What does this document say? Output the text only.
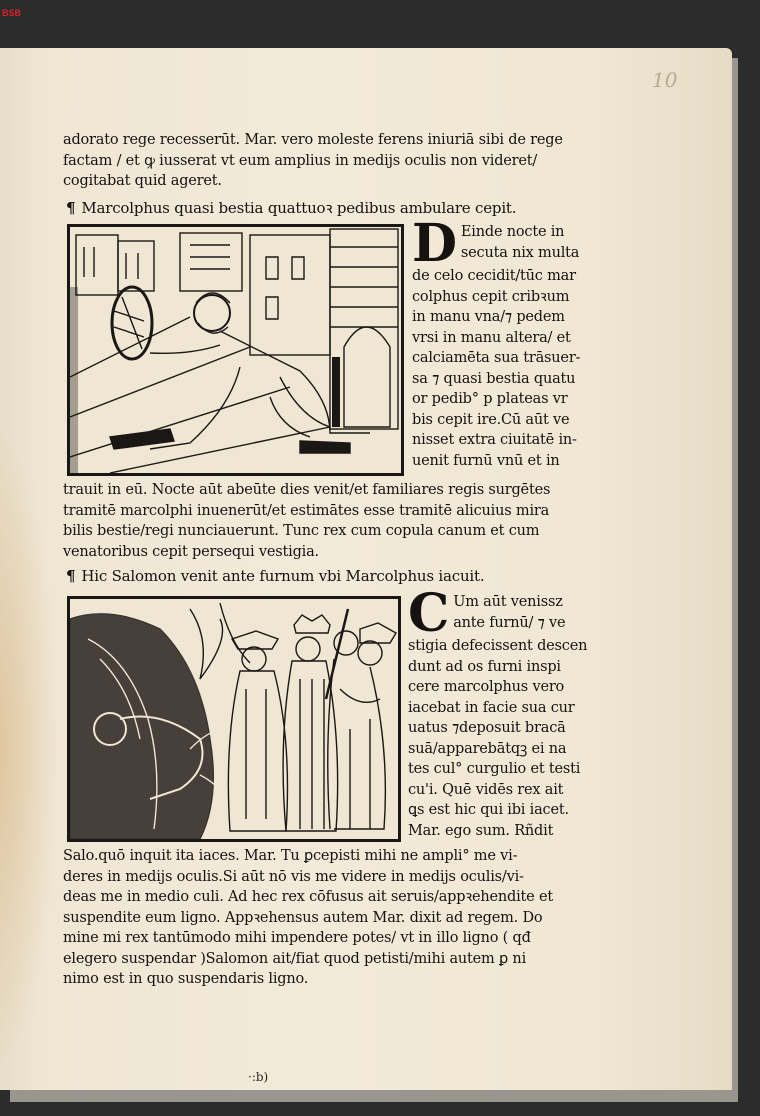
BSB
10
adorato rege recesserūt. Mar. vero moleste ferens iniuriā sibi de rege
factam / et ꝙ iusserat vt eum amplius in medijs oculis non videret/
cogitabat quid ageret.
¶ Marcolphus quasi bestia quattuoꝛ pedibus ambulare cepit.
D Einde nocte in
secuta nix multa
de celo cecidit/tūc mar
colphus cepit cribꝛum
in manu vna/⁊ pedem
vrsi in manu altera/ et
calciamēta sua trāsuer-
sa ⁊ quasi bestia quatu
or pedib° p plateas vr
bis cepit ire.Cū aūt ve
nisset extra ciuitatē in-
uenit furnū vnū et in
trauit in eū. Nocte aūt abeūte dies venit/et familiares regis surgētes
tramitē marcolphi inuenerūt/et estimātes esse tramitē alicuius mira
bilis bestie/regi nunciauerunt. Tunc rex cum copula canum et cum
venatoribus cepit persequi vestigia.
¶ Hic Salomon venit ante furnum vbi Marcolphus iacuit.
C Um aūt venissz
ante furnū/ ⁊ ve
stigia defecissent descen
dunt ad os furni inspi
cere marcolphus vero
iacebat in facie sua cur
uatus ⁊deposuit bracā
suā/apparebātqꝫ ei na
tes cul° curgulio et testi
cu'i. Quē vidēs rex ait
ꝗs est hic qui ibi iacet.
Mar. ego sum. Rñdit
Salo.quō inquit ita iaces. Mar. Tu ꝑcepisti mihi ne ampli° me vi-
deres in medijs oculis.Si aūt nō vis me videre in medijs oculis/vi-
deas me in medio culi. Ad hec rex cōfusus ait seruis/appꝛehendite et
suspendite eum ligno. Appꝛehensus autem Mar. dixit ad regem. Do
mine mi rex tantūmodo mihi impendere potes/ vt in illo ligno ( qđ
elegero suspendar )Salomon ait/fiat quod petisti/mihi autem ꝑ ni
nimo est in quo suspendaris ligno.
·:b)
